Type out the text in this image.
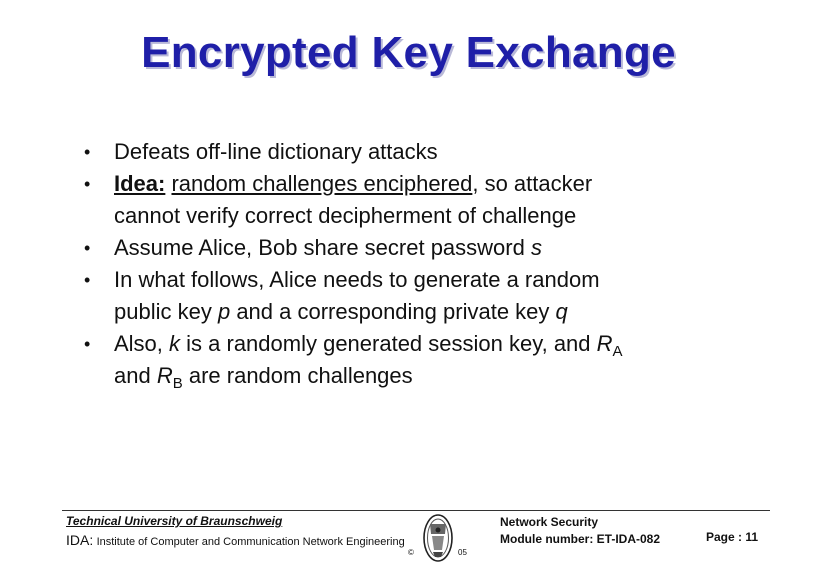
Encrypted Key Exchange
• Defeats off-line dictionary attacks
• Idea: random challenges enciphered, so attacker
cannot verify correct decipherment of challenge
• Assume Alice, Bob share secret password s
• In what follows, Alice needs to generate a random
public key p and a corresponding private key q
• Also, k is a randomly generated session key, and $R_A$
and $R_B$ are random challenges
Technical University of Braunschweig
IDA: Institute of Computer and Communication Network Engineering
©	05
Network Security
Module number: ET-IDA-082	Page : 11
